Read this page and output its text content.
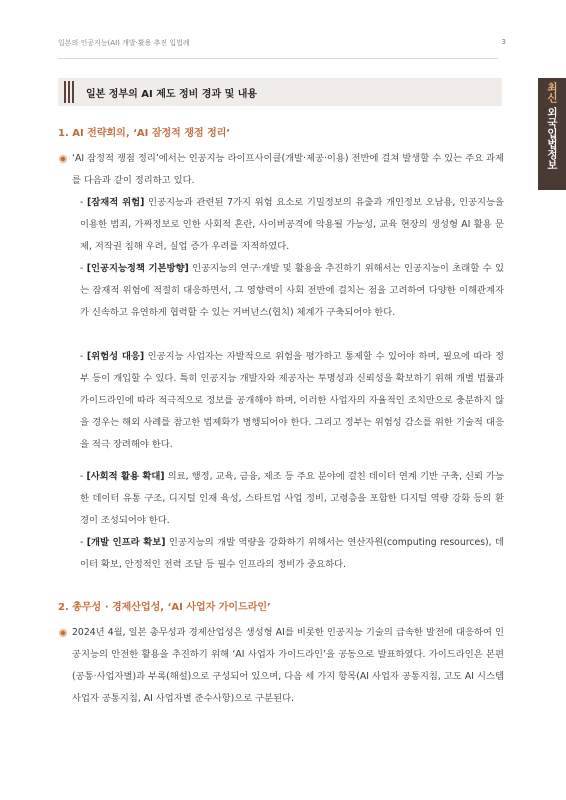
일본의 인공지능(AI) 개발·활용 추진 입법례	3
최신 외국입법정보
일본 정부의 AI 제도 정비 경과 및 내용
1. AI 전략회의, ‘AI 잠정적 쟁점 정리’
‘AI 잠정적 쟁점 정리’에서는 인공지능 라이프사이클(개발·제공·이용) 전반에 걸쳐 발생할 수 있는 주요 과제를 다음과 같이 정리하고 있다.
- [잠재적 위험] 인공지능과 관련된 7가지 위험 요소로 기밀정보의 유출과 개인정보 오남용, 인공지능을 이용한 범죄, 가짜정보로 인한 사회적 혼란, 사이버공격에 악용될 가능성, 교육 현장의 생성형 AI 활용 문제, 저작권 침해 우려, 실업 증가 우려를 지적하였다.
- [인공지능정책 기본방향] 인공지능의 연구·개발 및 활용을 추진하기 위해서는 인공지능이 초래할 수 있는 잠재적 위험에 적절히 대응하면서, 그 영향력이 사회 전반에 걸치는 점을 고려하여 다양한 이해관계자가 신속하고 유연하게 협력할 수 있는 거버넌스(협치) 체계가 구축되어야 한다.
- [위험성 대응] 인공지능 사업자는 자발적으로 위험을 평가하고 통제할 수 있어야 하며, 필요에 따라 정부 등이 개입할 수 있다. 특히 인공지능 개발자와 제공자는 투명성과 신뢰성을 확보하기 위해 개별 법률과 가이드라인에 따라 적극적으로 정보를 공개해야 하며, 이러한 사업자의 자율적인 조치만으로 충분하지 않을 경우는 해외 사례를 참고한 법제화가 병행되어야 한다. 그리고 정부는 위험성 감소를 위한 기술적 대응을 적극 장려해야 한다.
- [사회적 활용 확대] 의료, 행정, 교육, 금융, 제조 등 주요 분야에 걸친 데이터 연계 기반 구축, 신뢰 가능한 데이터 유통 구조, 디지털 인재 육성, 스타트업 사업 정비, 고령층을 포함한 디지털 역량 강화 등의 환경이 조성되어야 한다.
- [개발 인프라 확보] 인공지능의 개발 역량을 강화하기 위해서는 연산자원(computing resources), 데이터 확보, 안정적인 전력 조달 등 필수 인프라의 정비가 중요하다.
2. 총무성 · 경제산업성, ‘AI 사업자 가이드라인’
2024년 4월, 일본 총무성과 경제산업성은 생성형 AI를 비롯한 인공지능 기술의 급속한 발전에 대응하여 인공지능의 안전한 활용을 추진하기 위해 ‘AI 사업자 가이드라인’을 공동으로 발표하였다. 가이드라인은 본편(공통·사업자별)과 부록(해설)으로 구성되어 있으며, 다음 세 가지 항목(AI 사업자 공통지침, 고도 AI 시스템 사업자 공통지침, AI 사업자별 준수사항)으로 구분된다.
